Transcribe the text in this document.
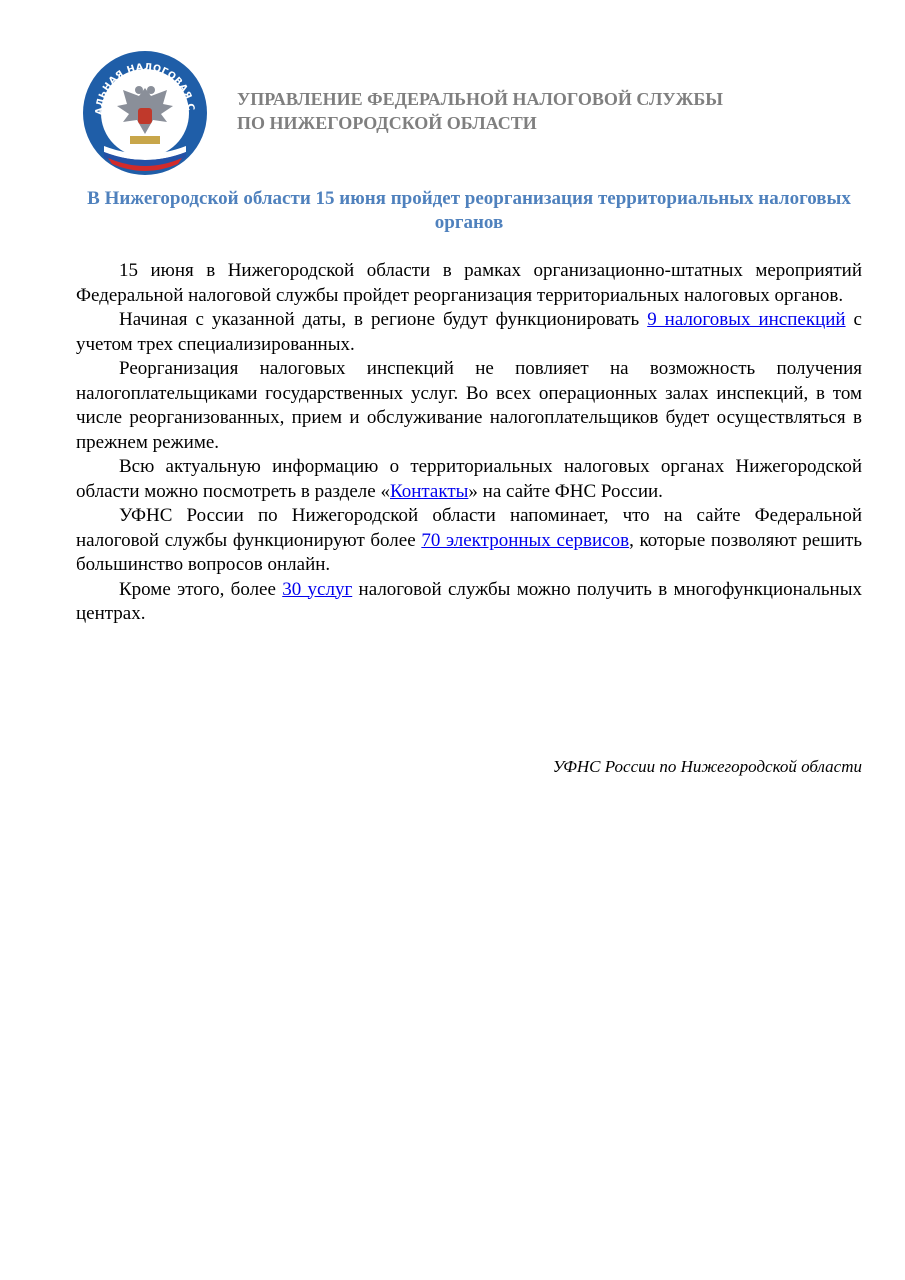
АЛЬНАЯ НАЛОГОВАЯ С УПРАВЛЕНИЕ ФЕДЕРАЛЬНОЙ НАЛОГОВОЙ СЛУЖБЫ
ПО НИЖЕГОРОДСКОЙ ОБЛАСТИ
В Нижегородской области 15 июня пройдет реорганизация территориальных налоговых органов

15 июня в Нижегородской области в рамках организационно-штатных мероприятий Федеральной налоговой службы пройдет реорганизация территориальных налоговых органов.

Начиная с указанной даты, в регионе будут функционировать 9 налоговых инспекций с учетом трех специализированных.

Реорганизация налоговых инспекций не повлияет на возможность получения налогоплательщиками государственных услуг. Во всех операционных залах инспекций, в том числе реорганизованных, прием и обслуживание налогоплательщиков будет осуществляться в прежнем режиме.

Всю актуальную информацию о территориальных налоговых органах Нижегородской области можно посмотреть в разделе «Контакты» на сайте ФНС России.

УФНС России по Нижегородской области напоминает, что на сайте Федеральной налоговой службы функционируют более 70 электронных сервисов, которые позволяют решить большинство вопросов онлайн.

Кроме этого, более 30 услуг налоговой службы можно получить в многофункциональных центрах.

УФНС России по Нижегородской области
